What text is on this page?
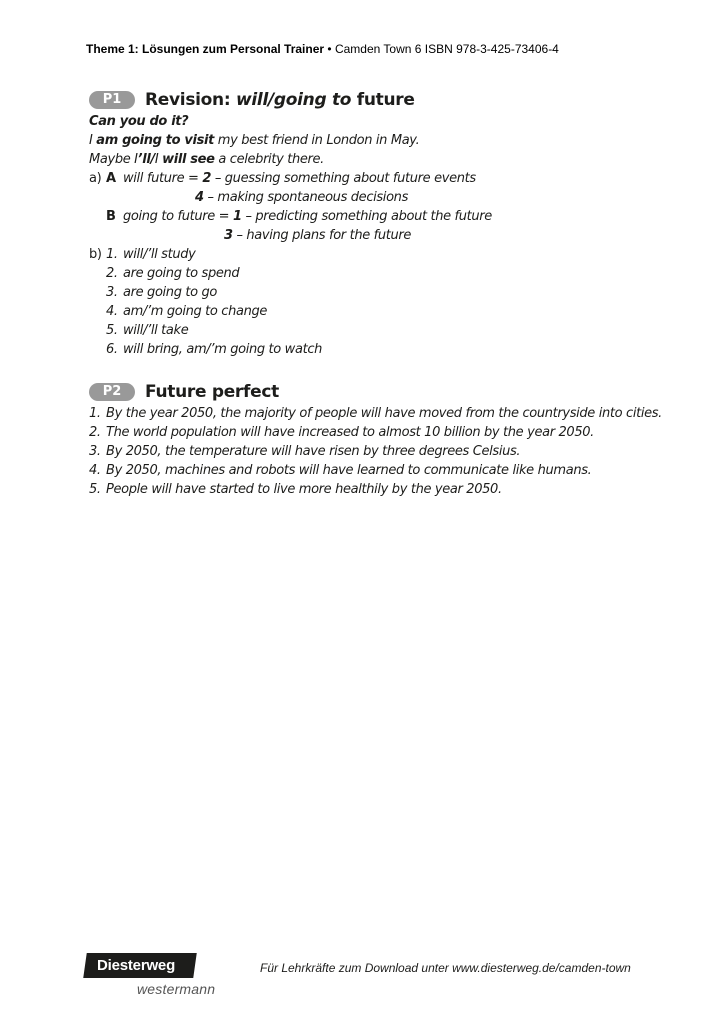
Theme 1: Lösungen zum Personal Trainer • Camden Town 6 ISBN 978-3-425-73406-4
P1	Revision: will/going to future
Can you do it?
I am going to visit my best friend in London in May.
Maybe I’ll/I will see a celebrity there.
a) A will future = 2 – guessing something about future events
4 – making spontaneous decisions
B going to future = 1 – predicting something about the future
3 – having plans for the future
b) 1. will/’ll study
2. are going to spend
3. are going to go
4. am/’m going to change
5. will/’ll take
6. will bring, am/’m going to watch
P2	Future perfect
1. By the year 2050, the majority of people will have moved from the countryside into cities.
2. The world population will have increased to almost 10 billion by the year 2050.
3. By 2050, the temperature will have risen by three degrees Celsius.
4. By 2050, machines and robots will have learned to communicate like humans.
5. People will have started to live more healthily by the year 2050.
Diesterweg
westermann
Für Lehrkräfte zum Download unter www.diesterweg.de/camden-town
